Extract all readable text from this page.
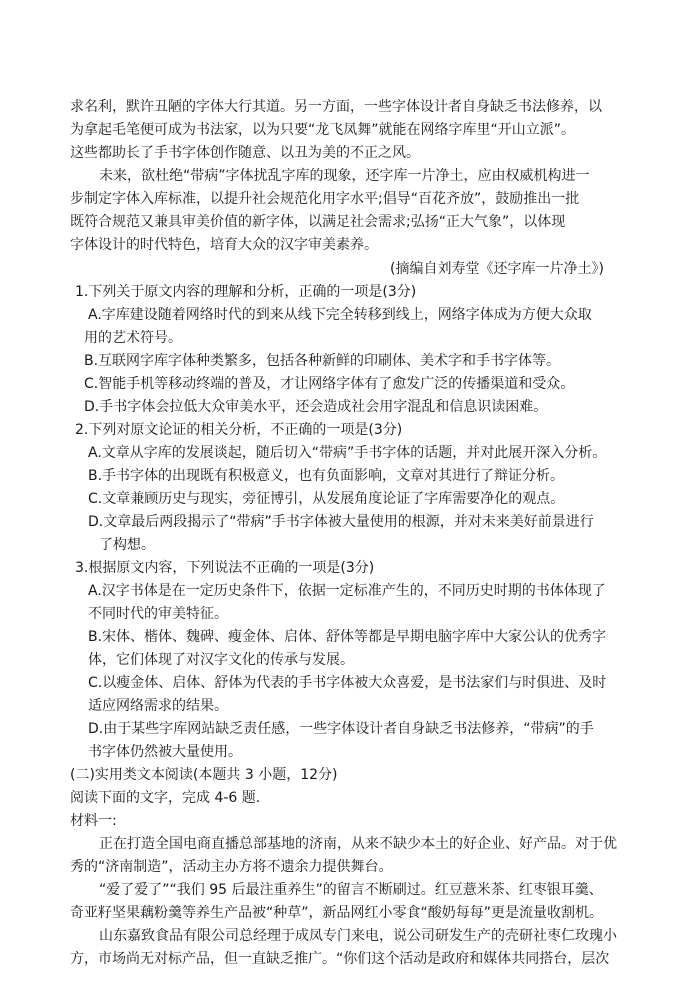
求名利，默许丑陋的字体大行其道。另一方面，一些字体设计者自身缺乏书法修养，以
为拿起毛笔便可成为书法家，以为只要“龙飞凤舞”就能在网络字库里“开山立派”。
这些都助长了手书字体创作随意、以丑为美的不正之风。
未来，欲杜绝“带病”字体扰乱字库的现象，还字库一片净土，应由权威机构进一
步制定字体入库标准，以提升社会规范化用字水平;倡导“百花齐放”，鼓励推出一批
既符合规范又兼具审美价值的新字体，以满足社会需求;弘扬“正大气象”，以体现
字体设计的时代特色，培育大众的汉字审美素养。
(摘编自刘寿堂《还字库一片净土》)
1.下列关于原文内容的理解和分析，正确的一项是(3分)
A.字库建设随着网络时代的到来从线下完全转移到线上，网络字体成为方便大众取
用的艺术符号。
B.互联网字库字体种类繁多，包括各种新鲜的印刷体、美术字和手书字体等。
C.智能手机等移动终端的普及，才让网络字体有了愈发广泛的传播渠道和受众。
D.手书字体会拉低大众审美水平，还会造成社会用字混乱和信息识读困难。
2.下列对原文论证的相关分析，不正确的一项是(3分)
A.文章从字库的发展谈起，随后切入“带病”手书字体的话题，并对此展开深入分析。
B.手书字体的出现既有积极意义，也有负面影响，文章对其进行了辩证分析。
C.文章兼顾历史与现实，旁征博引，从发展角度论证了字库需要净化的观点。
D.文章最后两段揭示了“带病”手书字体被大量使用的根源，并对未来美好前景进行
了构想。
3.根据原文内容，下列说法不正确的一项是(3分)
A.汉字书体是在一定历史条件下，依据一定标准产生的，不同历史时期的书体体现了
不同时代的审美特征。
B.宋体、楷体、魏碑、瘦金体、启体、舒体等都是早期电脑字库中大家公认的优秀字
体，它们体现了对汉字文化的传承与发展。
C.以瘦金体、启体、舒体为代表的手书字体被大众喜爱，是书法家们与时俱进、及时
适应网络需求的结果。
D.由于某些字库网站缺乏责任感，一些字体设计者自身缺乏书法修养，“带病”的手
书字体仍然被大量使用。
(二)实用类文本阅读(本题共 3 小题，12分)
阅读下面的文字，完成 4-6 题.
材料一:
正在打造全国电商直播总部基地的济南，从来不缺少本土的好企业、好产品。对于优
秀的“济南制造”，活动主办方将不遗余力提供舞台。
“爱了爱了”“我们 95 后最注重养生”的留言不断刷过。红豆薏米茶、红枣银耳羹、
奇亚籽坚果藕粉羹等养生产品被“种草”，新品网红小零食“酸奶每每”更是流量收割机。
山东嘉致食品有限公司总经理于成凤专门来电，说公司研发生产的壳研社枣仁玫瑰小
方，市场尚无对标产品，但一直缺乏推广。“你们这个活动是政府和媒体共同搭台，层次
